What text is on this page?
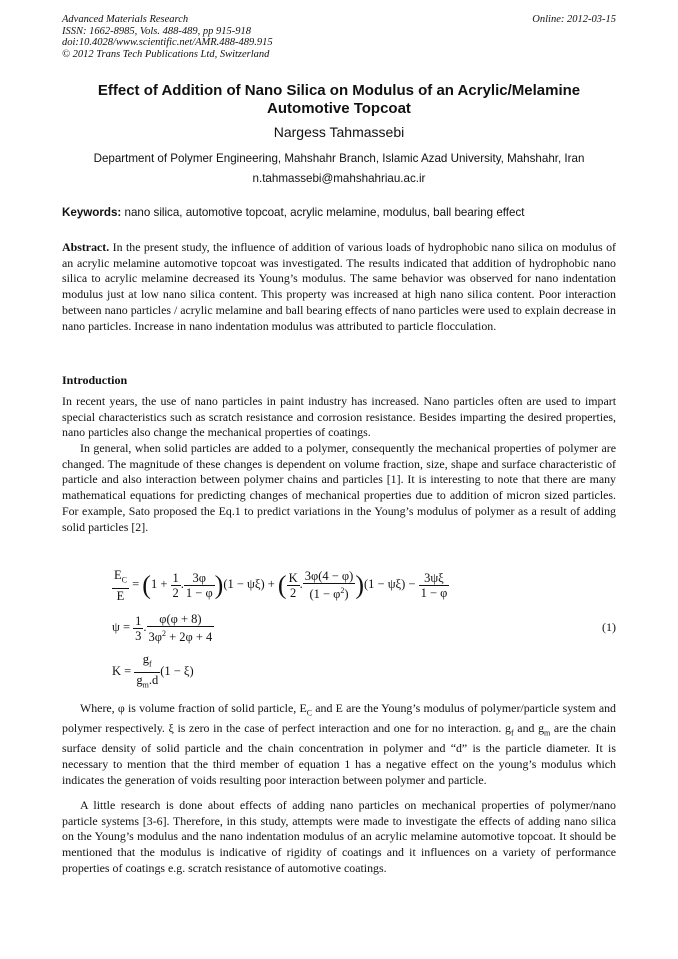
Advanced Materials Research
ISSN: 1662-8985, Vols. 488-489, pp 915-918
doi:10.4028/www.scientific.net/AMR.488-489.915
© 2012 Trans Tech Publications Ltd, Switzerland
Online: 2012-03-15
Effect of Addition of Nano Silica on Modulus of an Acrylic/Melamine
Automotive Topcoat
Nargess Tahmassebi
Department of Polymer Engineering, Mahshahr Branch, Islamic Azad University, Mahshahr, Iran
n.tahmassebi@mahshahriau.ac.ir
Keywords: nano silica, automotive topcoat, acrylic melamine, modulus, ball bearing effect

Abstract. In the present study, the influence of addition of various loads of hydrophobic nano silica on modulus of an acrylic melamine automotive topcoat was investigated. The results indicated that addition of hydrophobic nano silica to acrylic melamine decreased its Young’s modulus. The same behavior was observed for nano indentation modulus just at low nano silica content. This property was increased at high nano silica content. Poor interaction between nano particles / acrylic melamine and ball bearing effects of nano particles were used to explain decrease in nano particles. Increase in nano indentation modulus was attributed to particle flocculation.

Introduction

In recent years, the use of nano particles in paint industry has increased. Nano particles often are used to impart special characteristics such as scratch resistance and corrosion resistance. Besides imparting the desired properties, nano particles also change the mechanical properties of coatings.

In general, when solid particles are added to a polymer, consequently the mechanical properties of polymer are changed. The magnitude of these changes is dependent on volume fraction, size, shape and surface characteristic of particle and also interaction between polymer chains and particles [1]. It is interesting to note that there are many mathematical equations for predicting changes of mechanical properties due to addition of micron sized particles. For example, Sato proposed the Eq.1 to predict variations in the Young’s modulus of polymer as a result of adding solid particles [2].

$\frac{E_C}{E} = (1 + \frac{1}{2}$ . $\frac{3\varphi}{1 - \varphi} )(1 - \psi\xi)$ + ( $\frac{K}{2}$ . $\frac{3\varphi(4 - \varphi)}{(1 - \varphi^2)} )(1 - \psi\xi) - \frac{3\psi\xi}{1 - \varphi}$
$\psi = \frac{1}{3}$ . $\frac{\varphi(\varphi + 8)}{3\varphi^2 + 2\varphi + 4}$
$K = \frac{g_f}{g_m.d} (1 - \xi)$
(1)

Where, φ is volume fraction of solid particle, $E_C$ and E are the Young’s modulus of polymer/particle system and polymer respectively. ξ is zero in the case of perfect interaction and one for no interaction. $g_f$ and $g_m$ are the chain surface density of solid particle and the chain concentration in polymer and “d” is the particle diameter. It is necessary to mention that the third member of equation 1 has a negative effect on the young’s modulus which indicates the generation of voids resulting poor interaction between polymer and particle.

A little research is done about effects of adding nano particles on mechanical properties of polymer/nano particle systems [3-6]. Therefore, in this study, attempts were made to investigate the effects of adding nano silica on the Young’s modulus and the nano indentation modulus of an acrylic melamine automotive topcoat. It should be mentioned that the modulus is indicative of rigidity of coatings and it influences on a variety of performance properties of coatings e.g. scratch resistance of automotive coatings.
